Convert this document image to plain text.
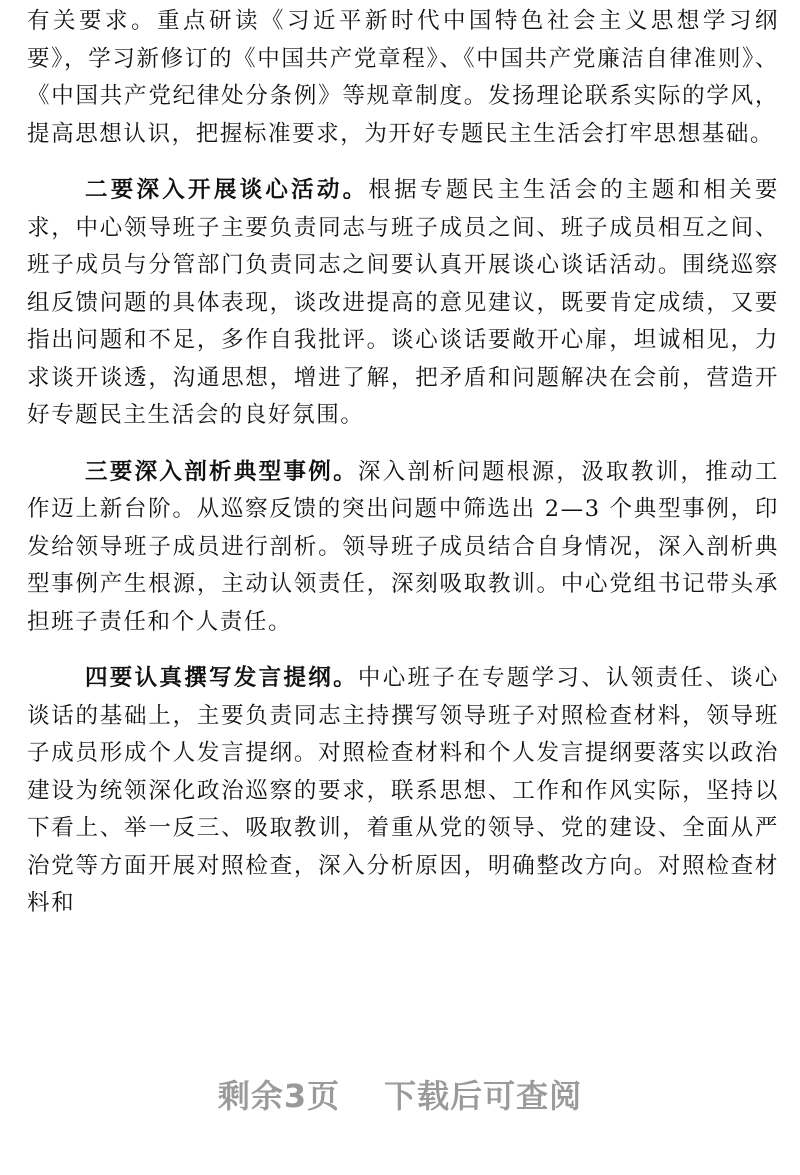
有关要求。重点研读《习近平新时代中国特色社会主义思想学习纲要》，学习新修订的《中国共产党章程》、《中国共产党廉洁自律准则》、《中国共产党纪律处分条例》等规章制度。发扬理论联系实际的学风，提高思想认识，把握标准要求，为开好专题民主生活会打牢思想基础。

二要深入开展谈心活动。根据专题民主生活会的主题和相关要求，中心领导班子主要负责同志与班子成员之间、班子成员相互之间、班子成员与分管部门负责同志之间要认真开展谈心谈话活动。围绕巡察组反馈问题的具体表现，谈改进提高的意见建议，既要肯定成绩，又要指出问题和不足，多作自我批评。谈心谈话要敞开心扉，坦诚相见，力求谈开谈透，沟通思想，增进了解，把矛盾和问题解决在会前，营造开好专题民主生活会的良好氛围。

三要深入剖析典型事例。深入剖析问题根源，汲取教训，推动工作迈上新台阶。从巡察反馈的突出问题中筛选出 2—3 个典型事例，印发给领导班子成员进行剖析。领导班子成员结合自身情况，深入剖析典型事例产生根源，主动认领责任，深刻吸取教训。中心党组书记带头承担班子责任和个人责任。

四要认真撰写发言提纲。中心班子在专题学习、认领责任、谈心谈话的基础上，主要负责同志主持撰写领导班子对照检查材料，领导班子成员形成个人发言提纲。对照检查材料和个人发言提纲要落实以政治建设为统领深化政治巡察的要求，联系思想、工作和作风实际，坚持以下看上、举一反三、吸取教训，着重从党的领导、党的建设、全面从严治党等方面开展对照检查，深入分析原因，明确整改方向。对照检查材料和

剩余3页 下载后可查阅
